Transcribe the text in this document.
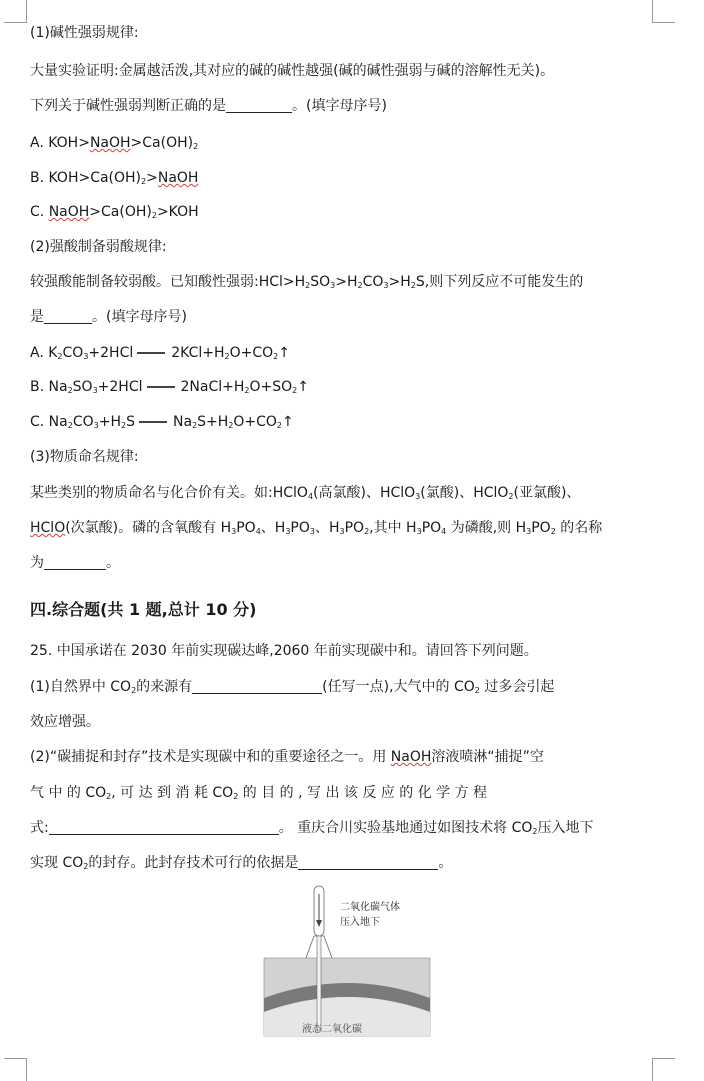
(1)碱性强弱规律:
大量实验证明:金属越活泼,其对应的碱的碱性越强(碱的碱性强弱与碱的溶解性无关)。
下列关于碱性强弱判断正确的是	。(填字母序号)
A. $KOH>NaOH>Ca(OH)_2$
B. $KOH>Ca(OH)_2>NaOH$
C. $NaOH>Ca(OH)_2>KOH$
(2)强酸制备弱酸规律:
较强酸能制备较弱酸。已知酸性强弱$:HCl>H_2SO_3>H_2CO_3>H_2S$,则下列反应不可能发生的
是	。(填字母序号)
A. $K_2CO_3+2HCl$	$2KCl+H_2O+CO_2↑$
B. $Na_2SO_3+2HCl$	$2NaCl+H_2O+SO_2↑$
C. $Na_2CO_3+H_2S$	$Na_2S+H_2O+CO_2↑$
(3)物质命名规律:
某些类别的物质命名与化合价有关。如:HClO$_4$(高氯酸)、HClO$_3$(氯酸)、HClO$_2$(亚氯酸)、
HClO(次氯酸)。磷的含氧酸有 $H_3PO_4$、$H_3PO_3$、$H_3PO_2$,其中 $H_3PO_4$ 为磷酸,则 $H_3PO_2$ 的名称
为	。
四.综合题(共 1 题,总计 10 分)
25. 中国承诺在 2030 年前实现碳达峰,2060 年前实现碳中和。请回答下列问题。
(1)自然界中 $CO_2$的来源有	(任写一点),大气中的 $CO_2$ 过多会引起
效应增强。
(2)“碳捕捉和封存”技术是实现碳中和的重要途径之一。用 NaOH溶液喷淋“捕捉”空
气 中 的 $CO_2$, 可 达 到 消 耗 $CO_2$ 的 目 的 , 写 出 该 反 应 的 化 学 方 程
式:	。 重庆合川实验基地通过如图技术将 $CO_2$压入地下
实现 $CO_2$的封存。此封存技术可行的依据是	。
二氧化碳气体
压入地下
液态二氧化碳
